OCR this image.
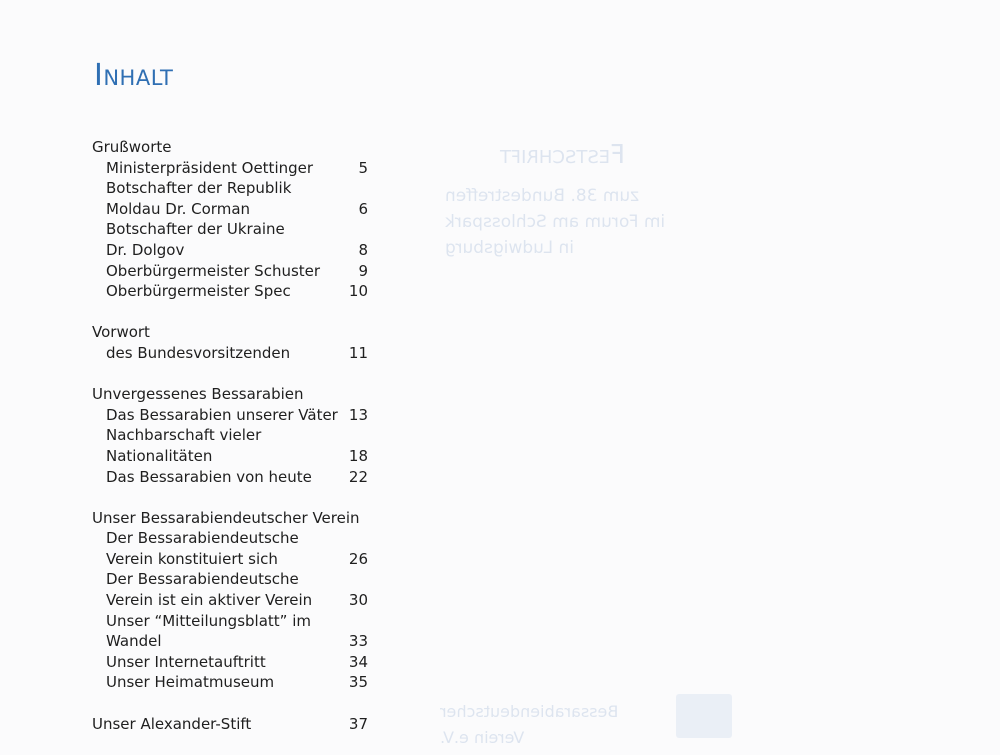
Festschrift
zum 38. Bundestreffen
im Forum am Schlosspark
in Ludwigsburg
Bessarabiendeutscher
Verein e.V.
Inhalt
Grußworte
Ministerpräsident Oettinger	5
Botschafter der Republik
Moldau Dr. Corman	6
Botschafter der Ukraine
Dr. Dolgov	8
Oberbürgermeister Schuster	9
Oberbürgermeister Spec	10
Vorwort
des Bundesvorsitzenden	11
Unvergessenes Bessarabien
Das Bessarabien unserer Väter 13
Nachbarschaft vieler
Nationalitäten	18
Das Bessarabien von heute 22
Unser Bessarabiendeutscher Verein
Der Bessarabiendeutsche
Verein konstituiert sich	26
Der Bessarabiendeutsche
Verein ist ein aktiver Verein 30
Unser “Mitteilungsblatt” im
Wandel	33
Unser Internetauftritt	34
Unser Heimatmuseum	35
Unser Alexander-Stift	37
